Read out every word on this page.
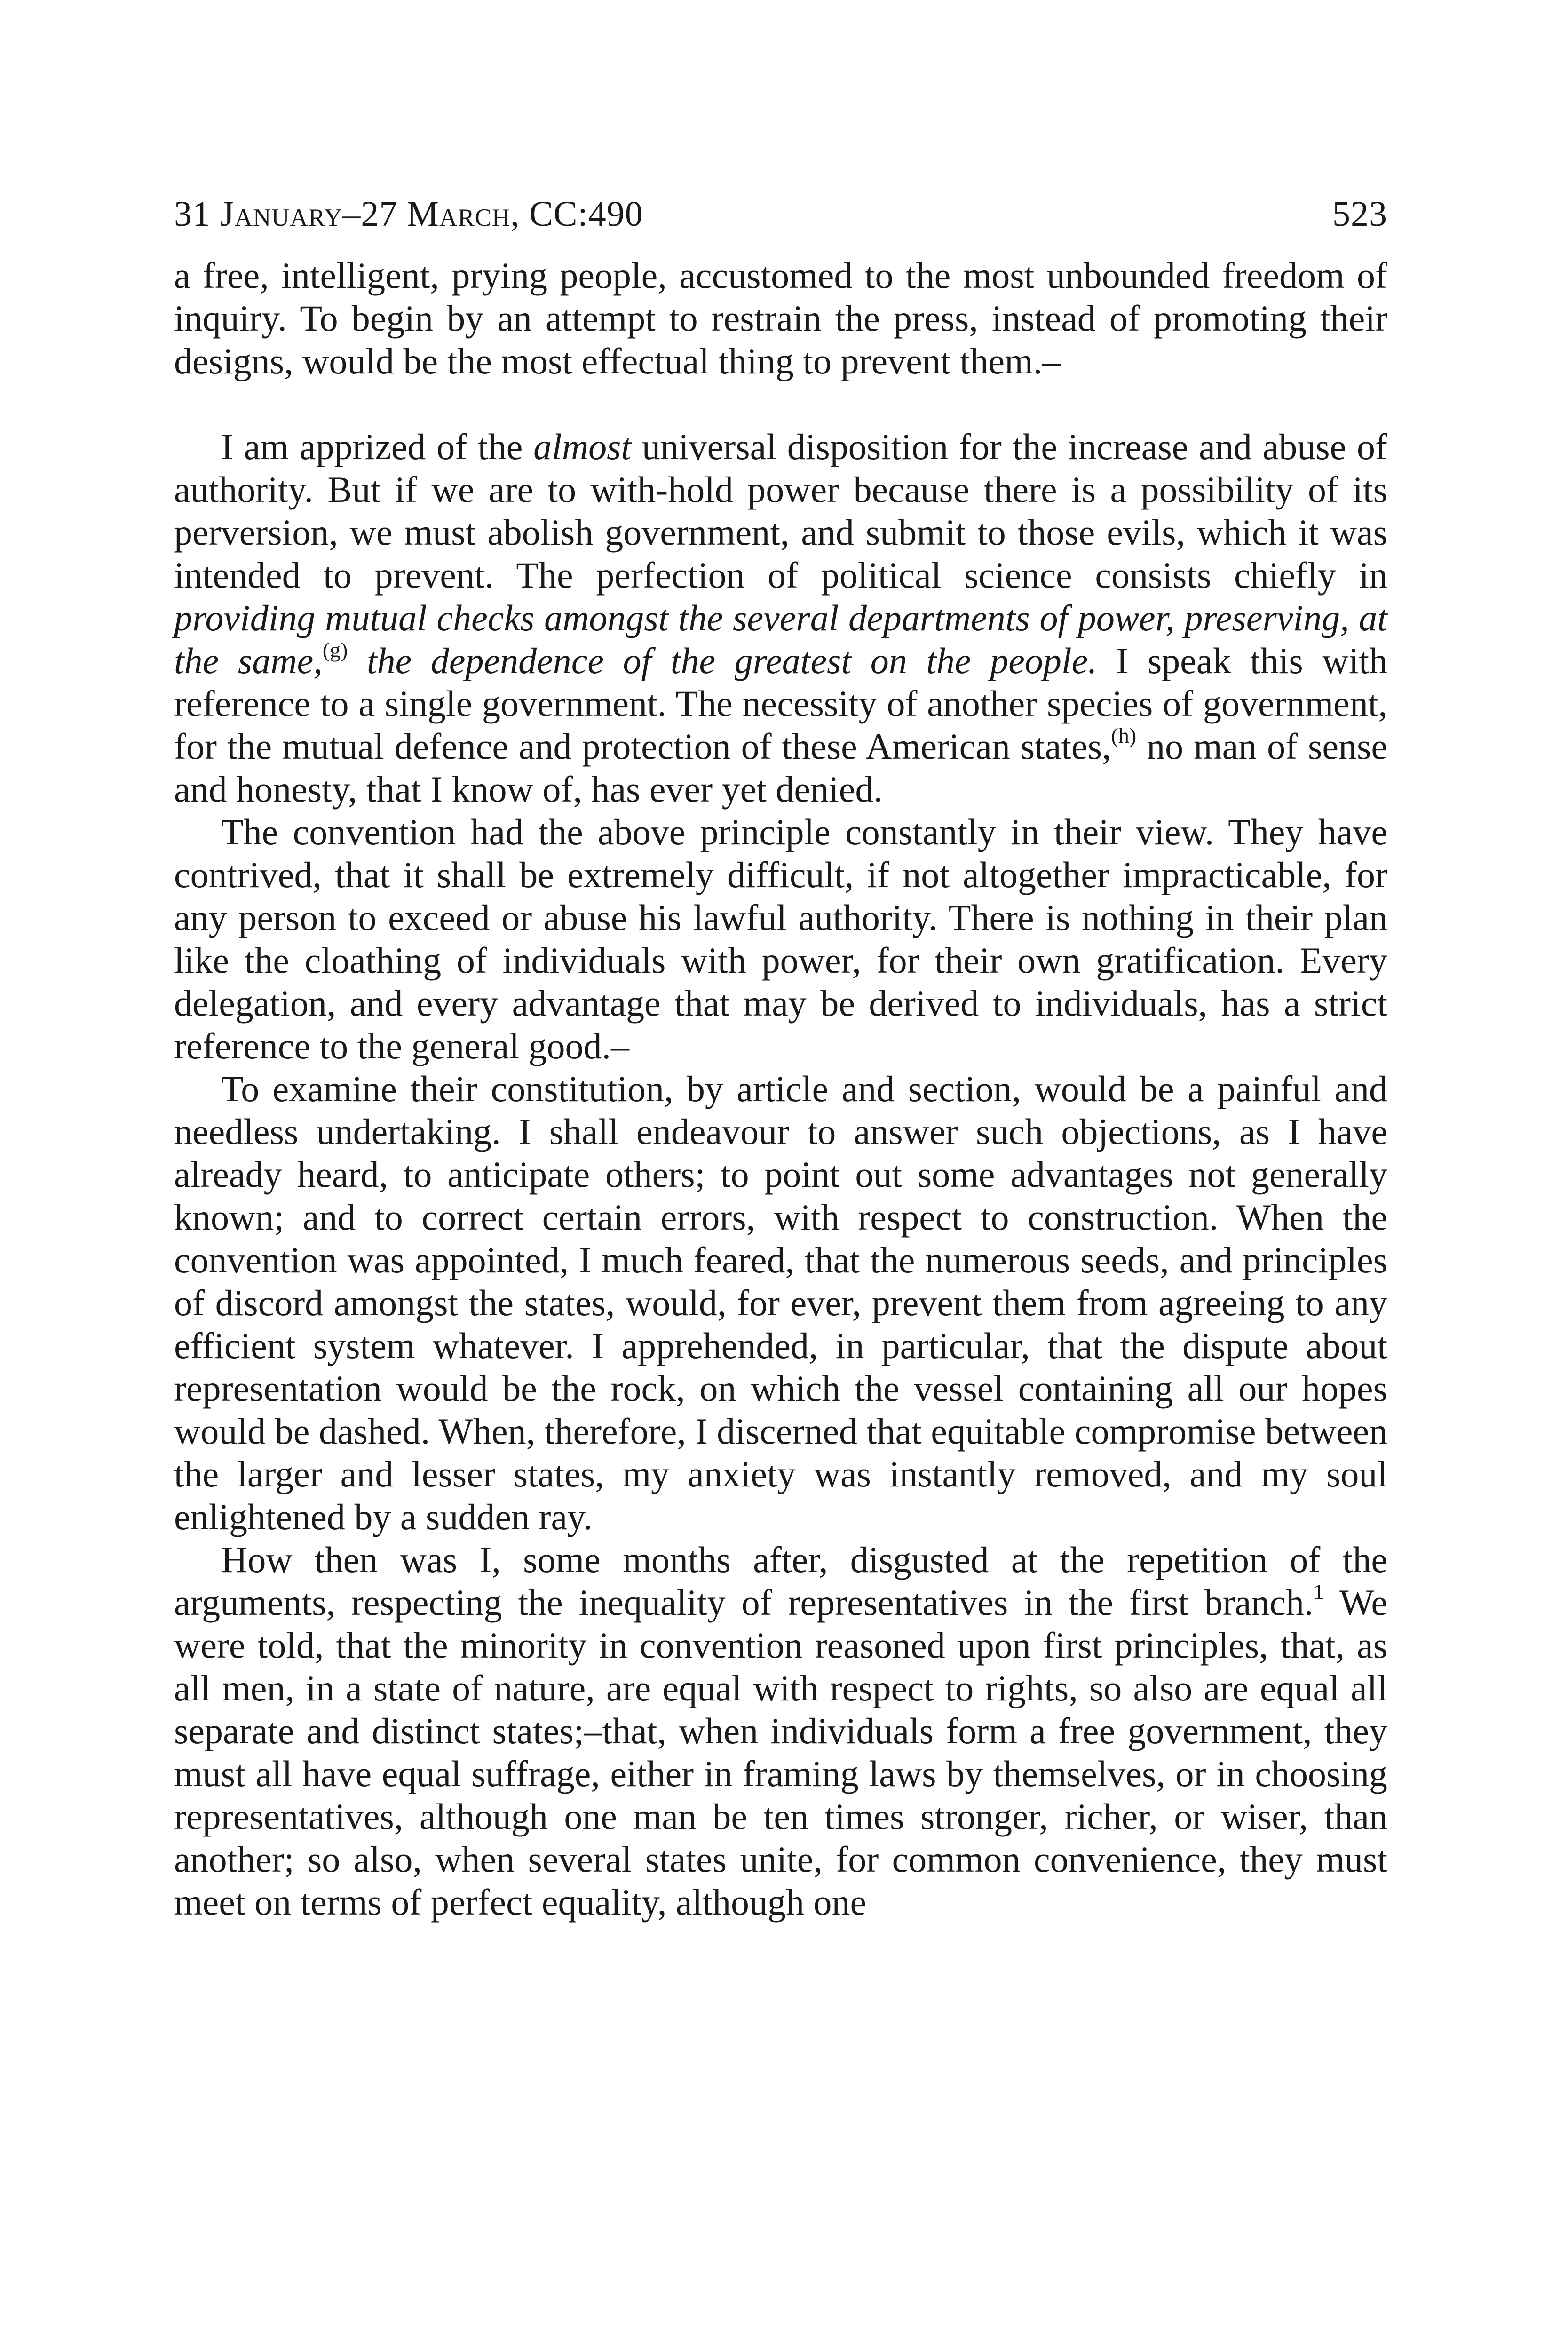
31 January–27 March, CC:490	523

a free, intelligent, prying people, accustomed to the most unbounded freedom of inquiry. To begin by an attempt to restrain the press, instead of promoting their designs, would be the most effectual thing to prevent them.–

I am apprized of the almost universal disposition for the increase and abuse of authority. But if we are to with-hold power because there is a possibility of its perversion, we must abolish government, and submit to those evils, which it was intended to prevent. The perfection of political science consists chiefly in providing mutual checks amongst the several departments of power, preserving, at the same,$^{(g)}$ the dependence of the greatest on the people. I speak this with reference to a single government. The necessity of another species of government, for the mutual defence and protection of these American states,$^{(h)}$ no man of sense and honesty, that I know of, has ever yet denied.

The convention had the above principle constantly in their view. They have contrived, that it shall be extremely difficult, if not altogether impracticable, for any person to exceed or abuse his lawful authority. There is nothing in their plan like the cloathing of individuals with power, for their own gratification. Every delegation, and every advantage that may be derived to individuals, has a strict reference to the general good.–

To examine their constitution, by article and section, would be a painful and needless undertaking. I shall endeavour to answer such objections, as I have already heard, to anticipate others; to point out some advantages not generally known; and to correct certain errors, with respect to construction. When the convention was appointed, I much feared, that the numerous seeds, and principles of discord amongst the states, would, for ever, prevent them from agreeing to any efficient system whatever. I apprehended, in particular, that the dispute about representation would be the rock, on which the vessel containing all our hopes would be dashed. When, therefore, I discerned that equitable compromise between the larger and lesser states, my anxiety was instantly removed, and my soul enlightened by a sudden ray.

How then was I, some months after, disgusted at the repetition of the arguments, respecting the inequality of representatives in the first branch.$^1$ We were told, that the minority in convention reasoned upon first principles, that, as all men, in a state of nature, are equal with respect to rights, so also are equal all separate and distinct states;–that, when individuals form a free government, they must all have equal suffrage, either in framing laws by themselves, or in choosing representatives, although one man be ten times stronger, richer, or wiser, than another; so also, when several states unite, for common convenience, they must meet on terms of perfect equality, although one
